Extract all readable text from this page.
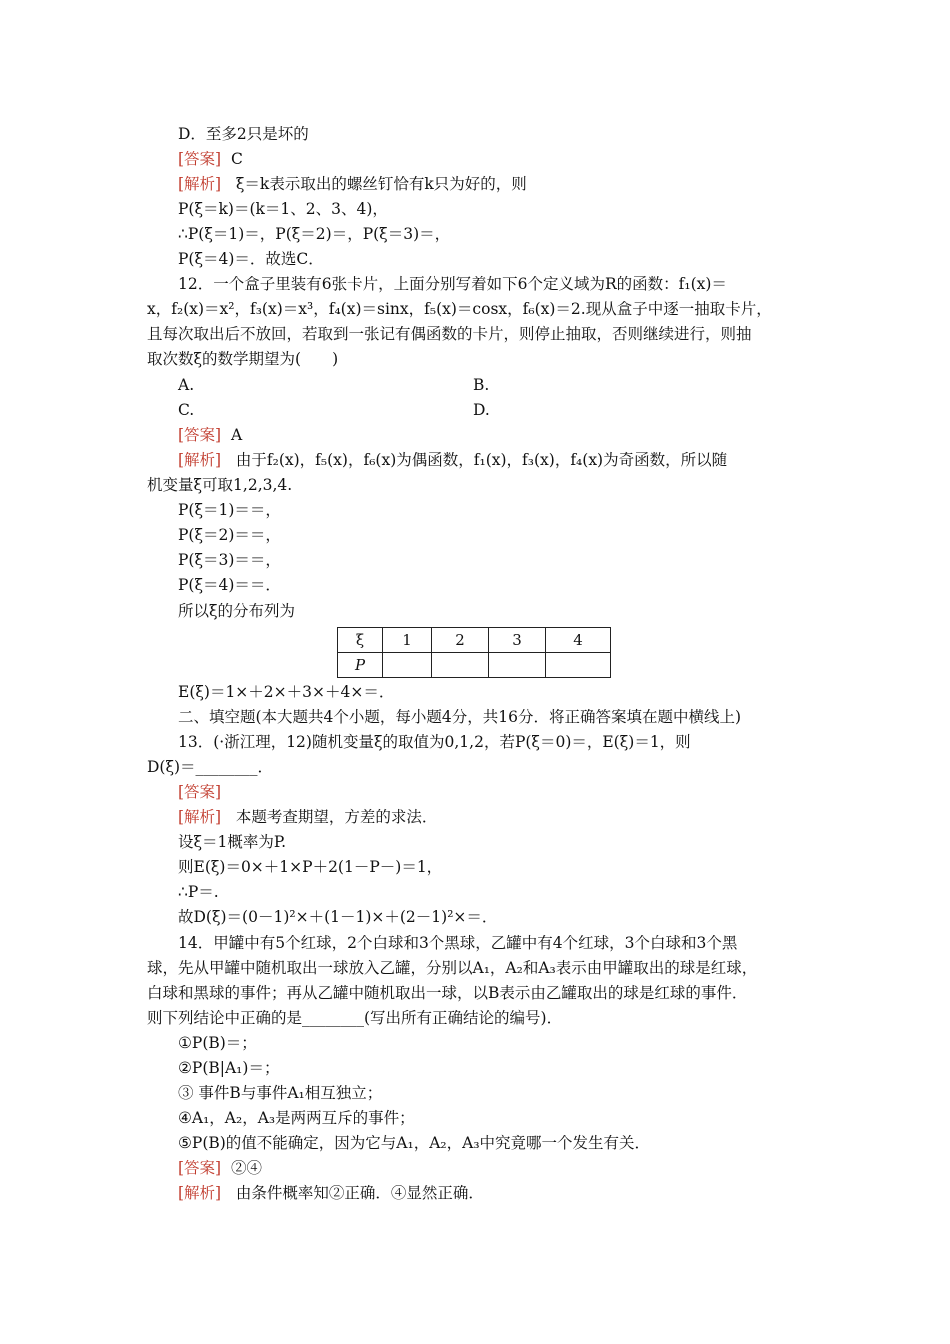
D．至多2只是坏的
[答案] C
[解析] ξ＝k表示取出的螺丝钉恰有k只为好的，则
P(ξ＝k)＝(k＝1、2、3、4)，
∴P(ξ＝1)＝，P(ξ＝2)＝，P(ξ＝3)＝，
P(ξ＝4)＝．故选C．
12．一个盒子里装有6张卡片，上面分别写着如下6个定义域为R的函数：f₁(x)＝
x，f₂(x)＝x²，f₃(x)＝x³，f₄(x)＝sinx，f₅(x)＝cosx，f₆(x)＝2.现从盒子中逐一抽取卡片，
且每次取出后不放回，若取到一张记有偶函数的卡片，则停止抽取，否则继续进行，则抽
取次数ξ的数学期望为(　　)
A.	B.
C.	D.
[答案] A
[解析] 由于f₂(x)，f₅(x)，f₆(x)为偶函数，f₁(x)，f₃(x)，f₄(x)为奇函数，所以随
机变量ξ可取1,2,3,4.
P(ξ＝1)＝＝，
P(ξ＝2)＝＝，
P(ξ＝3)＝＝，
P(ξ＝4)＝＝．
所以ξ的分布列为
ξ	1	2	3	4
P				
E(ξ)＝1×＋2×＋3×＋4×＝．
二、填空题(本大题共4个小题，每小题4分，共16分．将正确答案填在题中横线上)
13．(·浙江理，12)随机变量ξ的取值为0,1,2，若P(ξ＝0)＝，E(ξ)＝1，则
D(ξ)＝________．
[答案]
[解析] 本题考查期望，方差的求法．
设ξ＝1概率为P.
则E(ξ)＝0×＋1×P＋2(1－P－)＝1，
∴P＝.
故D(ξ)＝(0－1)²×＋(1－1)×＋(2－1)²×＝．
14．甲罐中有5个红球，2个白球和3个黑球，乙罐中有4个红球，3个白球和3个黑
球，先从甲罐中随机取出一球放入乙罐，分别以A₁，A₂和A₃表示由甲罐取出的球是红球，
白球和黑球的事件；再从乙罐中随机取出一球，以B表示由乙罐取出的球是红球的事件．
则下列结论中正确的是________(写出所有正确结论的编号)．
①P(B)＝；
②P(B|A₁)＝；
③ 事件B与事件A₁相互独立；
④A₁，A₂，A₃是两两互斥的事件；
⑤P(B)的值不能确定，因为它与A₁，A₂，A₃中究竟哪一个发生有关．
[答案] ②④
[解析] 由条件概率知②正确．④显然正确．
